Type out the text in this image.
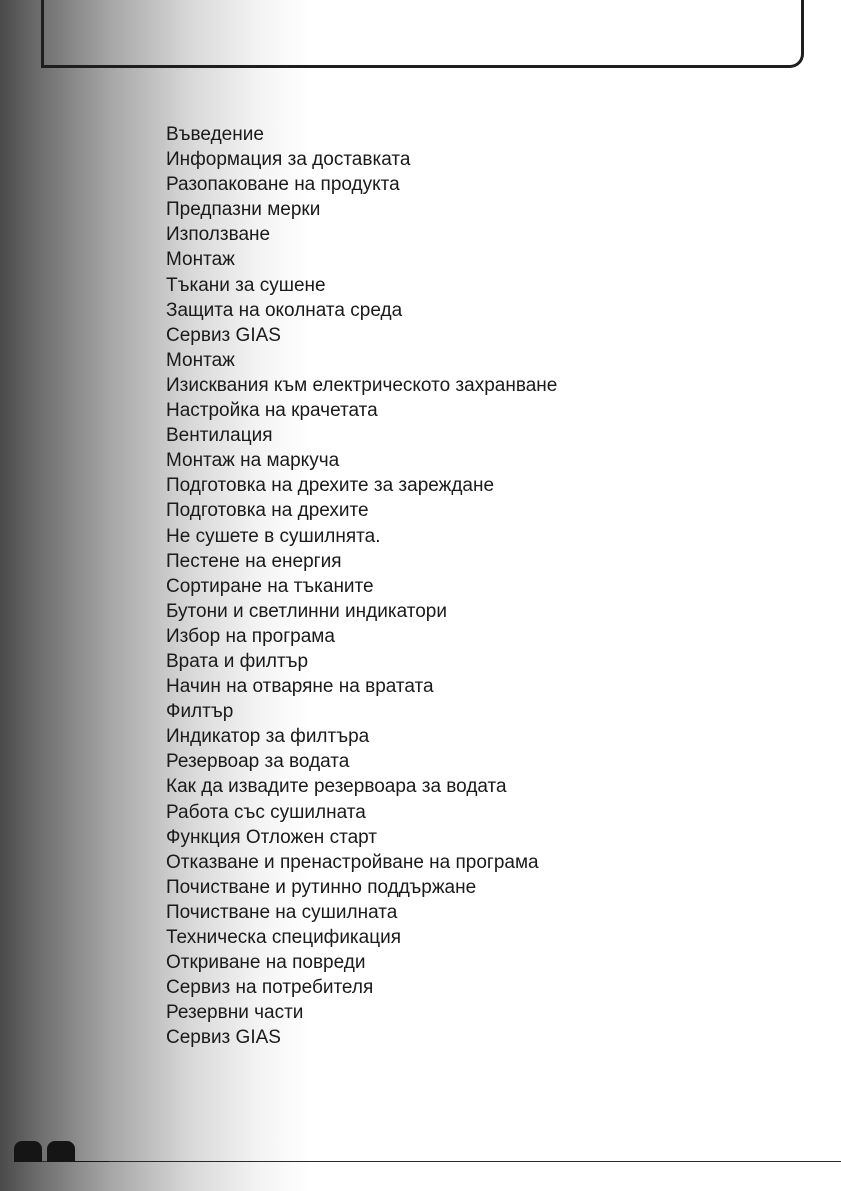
Въведение
Информация за доставката
Разопаковане на продукта
Предпазни мерки
Използване
Монтаж
Тъкани за сушене
Защита на околната среда
Сервиз GIAS
Монтаж
Изисквания към електрическото захранване
Настройка на крачетата
Вентилация
Монтаж на маркуча
Подготовка на дрехите за зареждане
Подготовка на дрехите
Не сушете в сушилнята.
Пестене на енергия
Сортиране на тъканите
Бутони и светлинни индикатори
Избор на програма
Врата и филтър
Начин на отваряне на вратата
Филтър
Индикатор за филтъра
Резервоар за водата
Как да извадите резервоара за водата
Работа със сушилната
Функция Отложен старт
Отказване и пренастройване на програма
Почистване и рутинно поддържане
Почистване на сушилната
Техническа спецификация
Откриване на повреди
Сервиз на потребителя
Резервни части
Сервиз GIAS
